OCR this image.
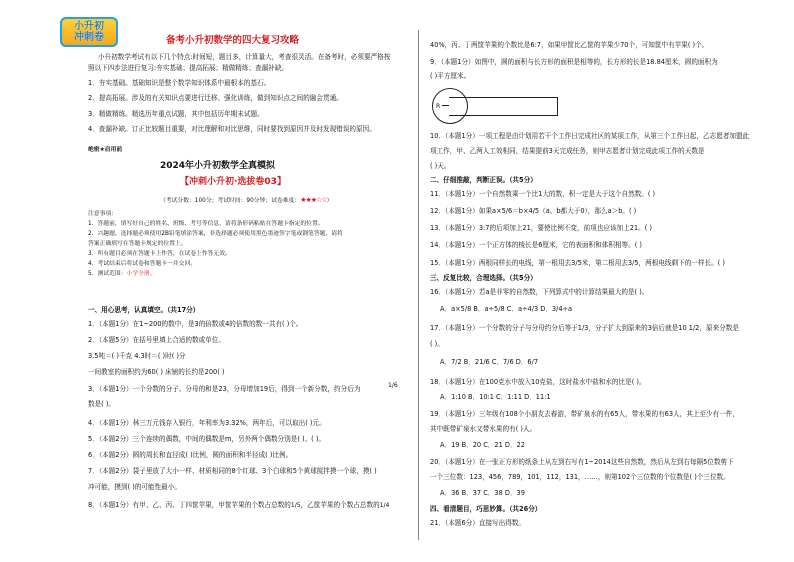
小升初
冲刺卷	备考小升初数学的四大复习攻略
小升初数学考试有以下几个特点:时间短，题目多，计算量大，考查很灵活。在备考时，必须要严格按
照以下四步法进行复习:夯实基础；提高拓展；精做精练；查漏补缺。
1．夯实基础。基础知识是整个数学知识体系中最根本的基石。
2．提高拓展。涉及的有关知识点要进行迁移、强化训练，做到知识点之间的融会贯通。
3．精做精练。精选历年重点试题，其中包括历年期末试题。
4．查漏补缺。订正比较题目重要，对比理解和对比思维，同时要找到原因并及时发现错误的原因。
绝密★启用前
2024年小升初数学全真模拟
【冲刺小升初·选拔卷03】
（考试分数：100分；考试时间：90分钟；试卷难度：★★★☆☆）
注意事项：
1．答题前，填写好自己的姓名、班级、考号等信息，请将条形码粘贴在答题卡指定的位置。
2．兴趣题、选择题必须使用2B铅笔填涂答案，非选择题必须使用黑色墨迹签字笔或钢笔答题，请将
答案正确填写在答题卡规定的位置上。
3．所有题目必须在答题卡上作答，在试卷上作答无效。
4．考试结束后将试卷和答题卡一并交回。
5．测试范围：小学全册。
一、用心思考，认真填空。（共17分）
1．（本题1分）在1~200的数中，是3的倍数或4的倍数的数一共有( )个。
2．（本题5分）在括号里填上合适的数或单位。
3.5吨＝( )千克 4.3时＝( )时( )分
一间教室的面积约为60( ) 床铺的长约是200( )
3．（本题1分）一个分数的分子、分母的和是23，分母增加19后，得到一个新分数，约分后为	1/6
数是( )。
4．（本题1分）林三万元钱存入银行，年利率为3.32%，两年后，可以取出( )元。
5．（本题2分）三个连续的偶数，中间的偶数是m，另外两个偶数分别是( )、( )。
6．（本题2分）圆的周长和直径成( )比例，圆的面积和半径成( )比例。
7．（本题2分）袋子里放了大小一样、材质相同的8个红球、3个白球和5个黄球搅拌摸一个球，摸( )
冲可能，摸到( )的可能性最小。
8．（本题1分）有甲、乙、丙、丁四筐苹果，甲筐苹果的个数占总数的1/5，乙筐苹果的个数占总数的1/4
40%，丙、丁两筐苹果的个数比是6:7，如果甲筐比乙筐的苹果少70个，可知筐中有苹果( )个。
9．（本题1分）如图中，圆的面积与长方形的面积是相等的，长方形的长是18.84厘米，圆的面积为
( )平方厘米。
R
10．（本题1分）一项工程是由计划用若干个工作日完成社区的某项工作，从第三个工作日起，乙志愿者加盟此
项工作，甲、乙两人工效相同，结果提前3天完成任务，则甲志愿者计划完成此项工作的天数是
( )天。
二、仔细推敲，判断正误。（共5分）
11．（本题1分）一个自然数乘一个比1大的数，积一定是大于这个自然数。( )
12．（本题1分）如果a×5/6＝b×4/5（a、b都大于0），那么a＞b。( )
13．（本题1分）3:7的后项加上21，要使比例不变，前项也应该加上21。( )
14．（本题1分）一个正方体的棱长是6厘米，它的表面积和体积相等。( )
15．（本题1分）两根同样长的电线，第一根用去3/5米，第二根用去3/5，两根电线剩下的一样长。( )
三、反复比较，合理选择。（共5分）
16．（本题1分）若a是非零的自然数，下列算式中的计算结果最大的是( )。
A．a×5/8 B．a÷5/8 C．a÷4/3 D．3/4÷a
17．（本题1分）一个分数的分子与分母约分后等于1/3，分子扩大到原来的3倍后就是10 1/2，原来分数是
( )。
A．7/2 B．21/6 C．7/6 D．6/7
18．（本题1分）在100克水中放入10克盐，这时盐水中盐和水的比是( )。
A．1:10 B．10:1 C．1:11 D．11:1
19．（本题1分）三年级有108个小朋友去春游，带矿泉水的有65人，带水果的有63人，其上至少有一件，
其中既带矿泉水又带水果的有( )人。
A．19 B．20 C．21 D．22
20．（本题1分）在一张正方形的纸条上从左到右写有1~2014这些自然数，然后从左到右每隔5位数剪下
一个三位数：123，456，789，101，112，131，……，则第102个三位数的个位数是( )个三位数。
A．36 B．37 C．38 D．39
四、看清题目，巧思妙算。（共26分）
21．（本题6分）直接写出得数。
